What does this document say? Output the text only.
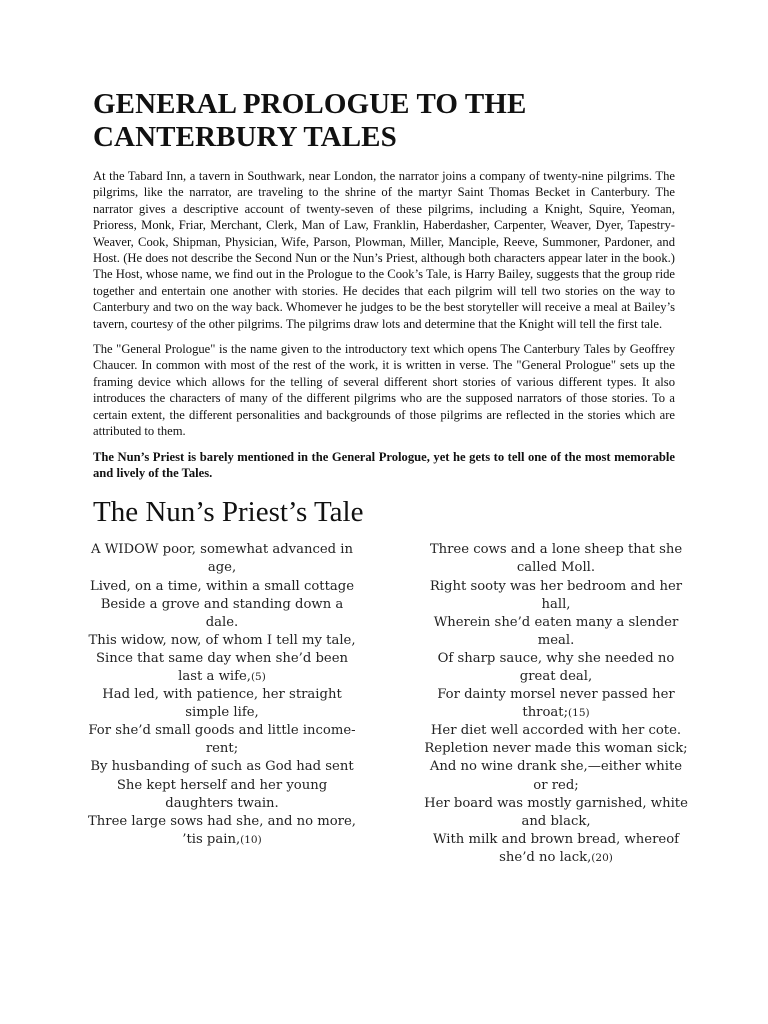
GENERAL PROLOGUE TO THE CANTERBURY TALES

At the Tabard Inn, a tavern in Southwark, near London, the narrator joins a company of twenty-nine pilgrims. The pilgrims, like the narrator, are traveling to the shrine of the martyr Saint Thomas Becket in Canterbury. The narrator gives a descriptive account of twenty-seven of these pilgrims, including a Knight, Squire, Yeoman, Prioress, Monk, Friar, Merchant, Clerk, Man of Law, Franklin, Haberdasher, Carpenter, Weaver, Dyer, Tapestry- Weaver, Cook, Shipman, Physician, Wife, Parson, Plowman, Miller, Manciple, Reeve, Summoner, Pardoner, and Host. (He does not describe the Second Nun or the Nun’s Priest, although both characters appear later in the book.) The Host, whose name, we find out in the Prologue to the Cook’s Tale, is Harry Bailey, suggests that the group ride together and entertain one another with stories. He decides that each pilgrim will tell two stories on the way to Canterbury and two on the way back. Whomever he judges to be the best storyteller will receive a meal at Bailey’s tavern, courtesy of the other pilgrims. The pilgrims draw lots and determine that the Knight will tell the first tale.

The "General Prologue" is the name given to the introductory text which opens The Canterbury Tales by Geoffrey Chaucer. In common with most of the rest of the work, it is written in verse. The "General Prologue" sets up the framing device which allows for the telling of several different short stories of various different types. It also introduces the characters of many of the different pilgrims who are the supposed narrators of those stories. To a certain extent, the different personalities and backgrounds of those pilgrims are reflected in the stories which are attributed to them.

The Nun’s Priest is barely mentioned in the General Prologue, yet he gets to tell one of the most memorable and lively of the Tales.

The Nun’s Priest’s Tale
A WIDOW poor, somewhat advanced in age,
Lived, on a time, within a small cottage
Beside a grove and standing down a dale.
This widow, now, of whom I tell my tale,
Since that same day when she’d been last a wife,(5)
Had led, with patience, her straight simple life,
For she’d small goods and little income-rent;
By husbanding of such as God had sent
She kept herself and her young daughters twain.
Three large sows had she, and no more, ’tis pain,(10)
Three cows and a lone sheep that she called Moll.
Right sooty was her bedroom and her hall,
Wherein she’d eaten many a slender meal.
Of sharp sauce, why she needed no great deal,
For dainty morsel never passed her throat;(15)
Her diet well accorded with her cote.
Repletion never made this woman sick;
And no wine drank she,—either white or red;
Her board was mostly garnished, white and black,
With milk and brown bread, whereof she’d no lack,(20)
